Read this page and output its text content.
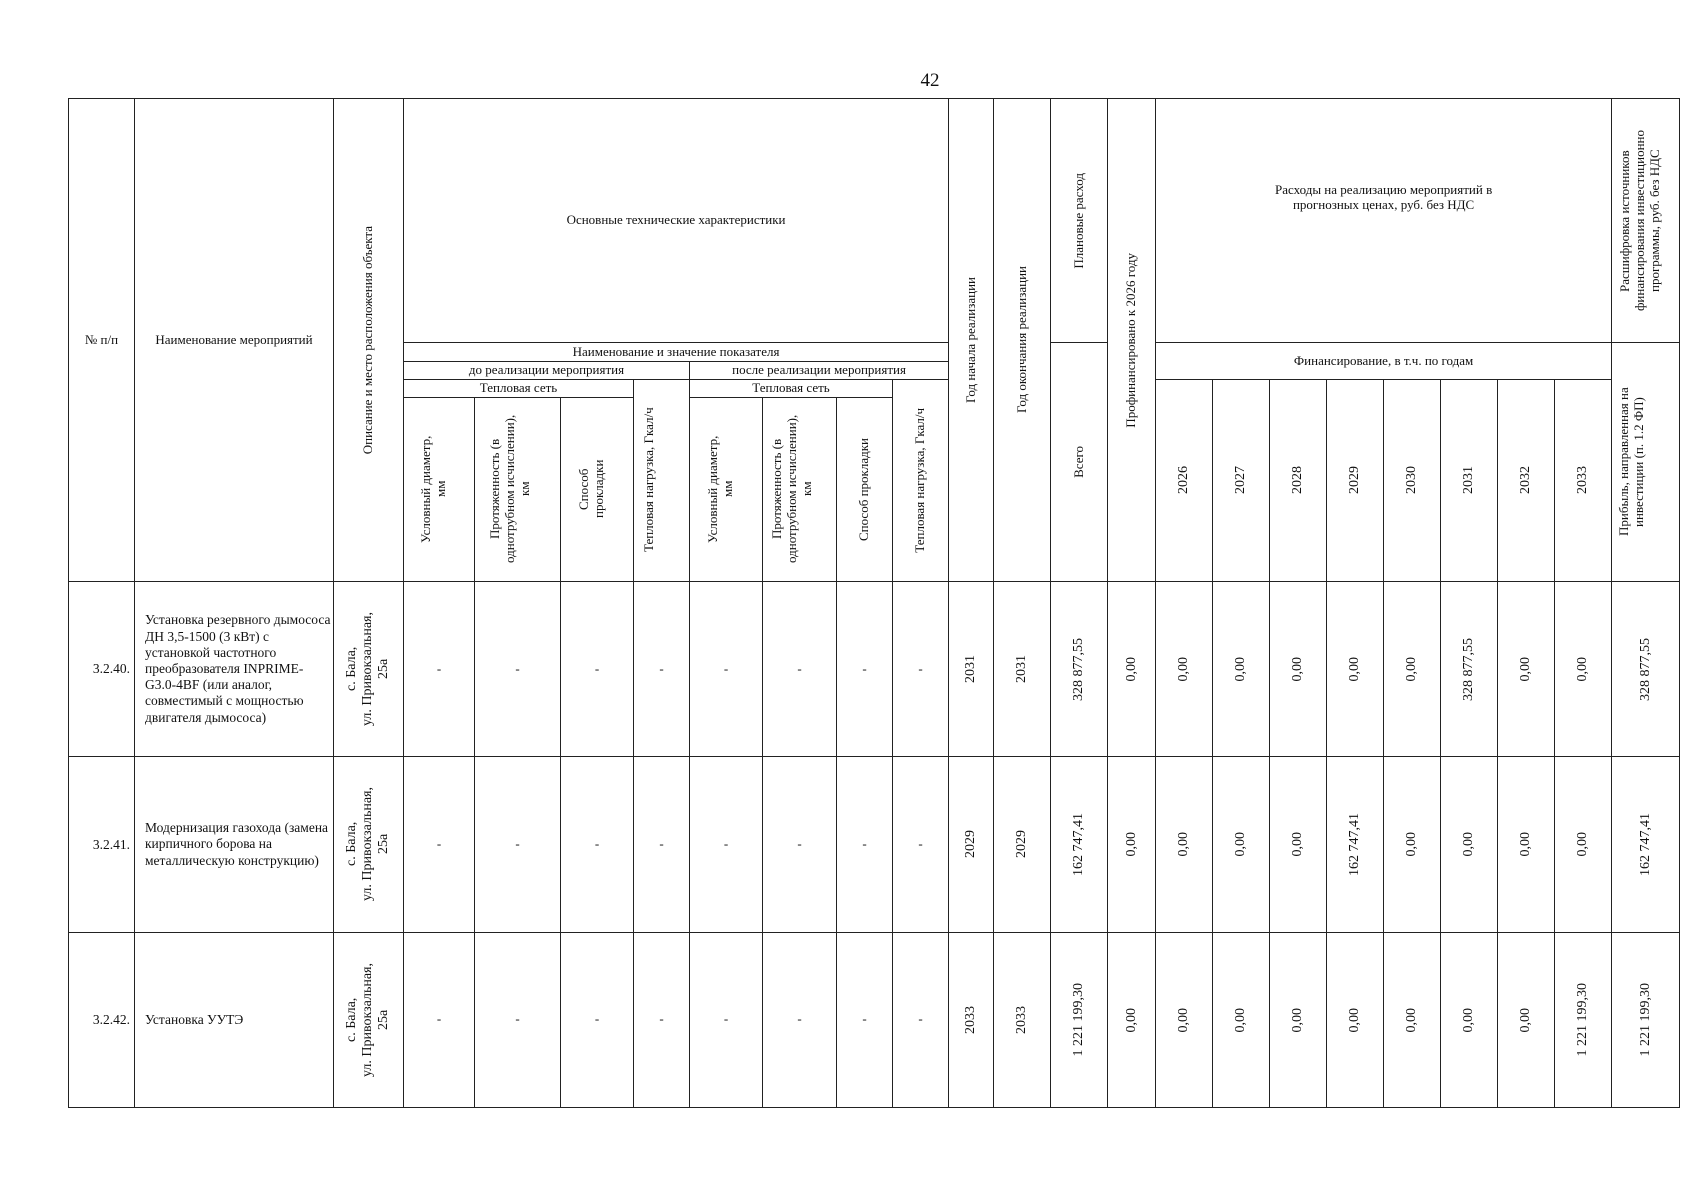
42
№ п/п	Наименование мероприятий	Описание и место расположения объекта	Основные технические характеристики								Год начала реализации	Год окончания реализации	Плановые расход	Профинансировано к 2026 году	Расходы на реализацию мероприятий в прогнозных ценах, руб. без НДС								Расшифровка источников финансирования инвестиционно программы, руб. без НДС

			Наименование и значение показателя										Всего		Финансирование, в т.ч. по годам								Прибыль, направленная на инвестиции (п. 1.2 ФП)

			до реализации мероприятия				после реализации мероприятия																
			Тепловая сеть			Тепловая нагрузка, Гкал/ч	Тепловая сеть			Тепловая нагрузка, Гкал/ч					2026	2027	2028	2029	2030	2031	2032	2033	

			Условный диаметр, мм	Протяженность (в однотрубном исчислении), км	Способ прокладки		Условный диаметр, мм	Протяженность (в однотрубном исчислении), км	Способ прокладки														

3.2.40.	Установка резервного дымососа ДН 3,5-1500 (3 кВт) с установкой частотного преобразователя INPRIME-G3.0-4BF (или аналог, совместимый с мощностью двигателя дымососа)	с. Бала,
ул. Привокзальная,
25а	-	-	-	-	-	-	-	-	2031	2031	328 877,55	0,00	0,00	0,00	0,00	0,00	0,00	328 877,55	0,00	0,00	328 877,55

3.2.41.	Модернизация газохода (замена кирпичного борова на металлическую конструкцию)	с. Бала,
ул. Привокзальная,
25а	-	-	-	-	-	-	-	-	2029	2029	162 747,41	0,00	0,00	0,00	0,00	162 747,41	0,00	0,00	0,00	0,00	162 747,41

3.2.42.	Установка УУТЭ	с. Бала,
ул. Привокзальная,
25а	-	-	-	-	-	-	-	-	2033	2033	1 221 199,30	0,00	0,00	0,00	0,00	0,00	0,00	0,00	0,00	1 221 199,30	1 221 199,30
